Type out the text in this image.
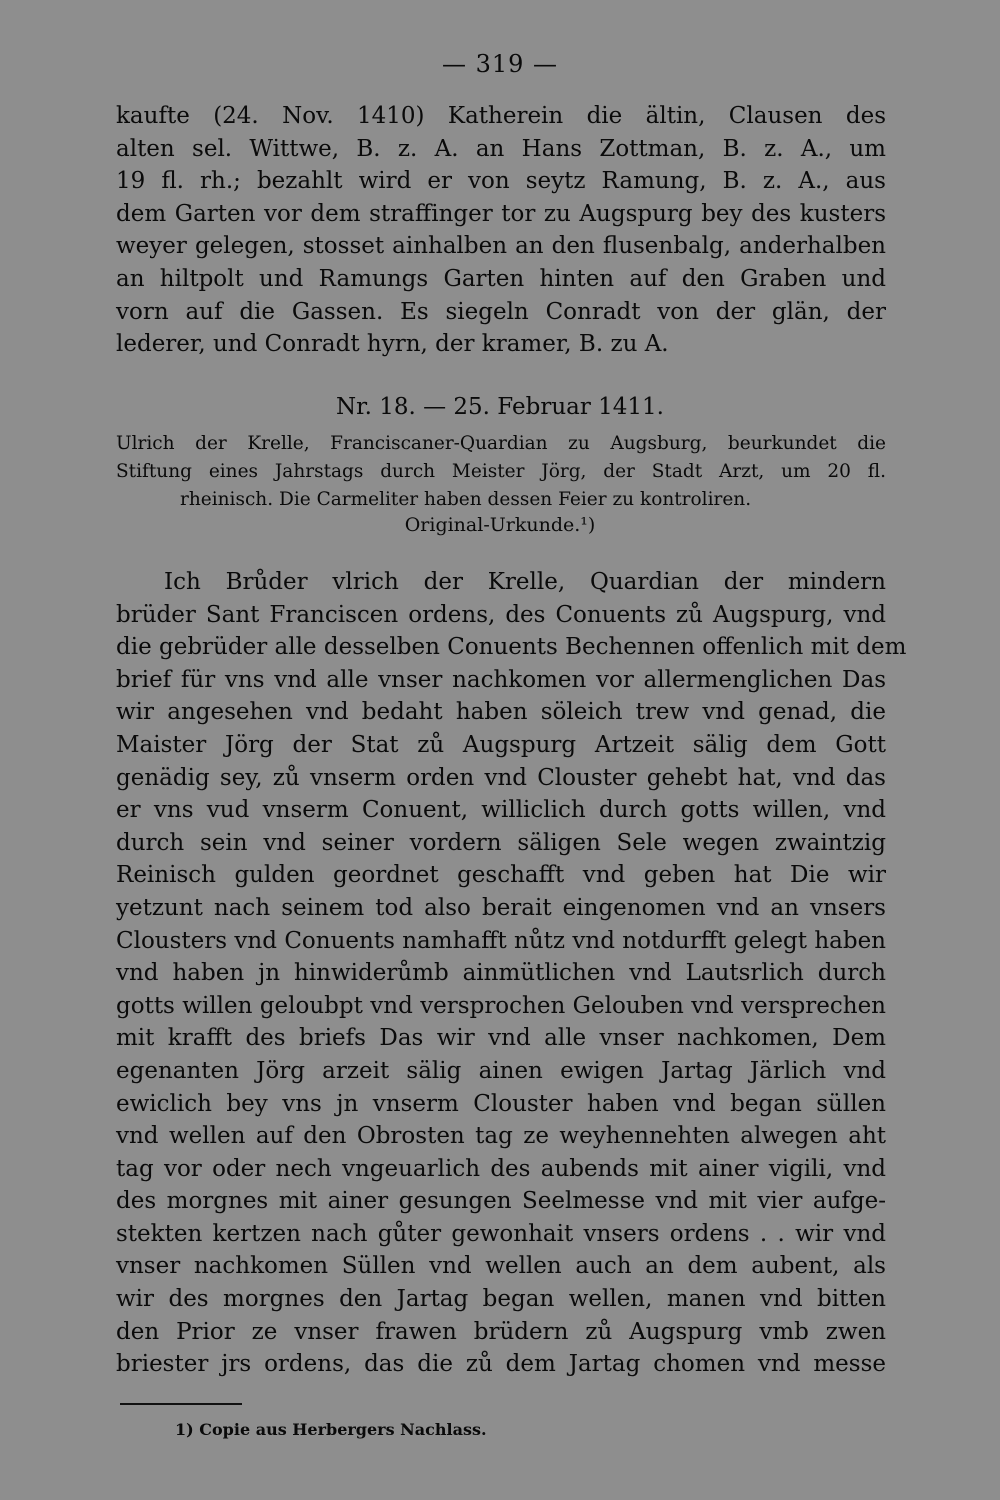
— 319 —
kaufte (24. Nov. 1410) Katherein die ältin, Clausen des
alten sel. Wittwe, B. z. A. an Hans Zottman, B. z. A., um
19 fl. rh.; bezahlt wird er von seytz Ramung, B. z. A., aus
dem Garten vor dem straffinger tor zu Augspurg bey des kusters
weyer gelegen, stosset ainhalben an den flusenbalg, anderhalben
an hiltpolt und Ramungs Garten hinten auf den Graben und
vorn auf die Gassen. Es siegeln Conradt von der glän, der
lederer, und Conradt hyrn, der kramer, B. zu A.
Nr. 18. — 25. Februar 1411.
Ulrich der Krelle, Franciscaner-Quardian zu Augsburg, beurkundet die
Stiftung eines Jahrstags durch Meister Jörg, der Stadt Arzt, um 20 fl.
rheinisch. Die Carmeliter haben dessen Feier zu kontroliren.
Original-Urkunde.¹)
Ich Brůder vlrich der Krelle, Quardian der mindern
brüder Sant Franciscen ordens, des Conuents zů Augspurg, vnd
die gebrüder alle desselben Conuents Bechennen offenlich mit dem
brief für vns vnd alle vnser nachkomen vor allermenglichen Das
wir angesehen vnd bedaht haben söleich trew vnd genad, die
Maister Jörg der Stat zů Augspurg Artzeit sälig dem Gott
genädig sey, zů vnserm orden vnd Clouster gehebt hat, vnd das
er vns vud vnserm Conuent, williclich durch gotts willen, vnd
durch sein vnd seiner vordern säligen Sele wegen zwaintzig
Reinisch gulden geordnet geschafft vnd geben hat Die wir
yetzunt nach seinem tod also berait eingenomen vnd an vnsers
Clousters vnd Conuents namhafft nůtz vnd notdurfft gelegt haben
vnd haben jn hinwiderůmb ainmütlichen vnd Lautsrlich durch
gotts willen geloubpt vnd versprochen Gelouben vnd versprechen
mit krafft des briefs Das wir vnd alle vnser nachkomen, Dem
egenanten Jörg arzeit sälig ainen ewigen Jartag Järlich vnd
ewiclich bey vns jn vnserm Clouster haben vnd began süllen
vnd wellen auf den Obrosten tag ze weyhennehten alwegen aht
tag vor oder nech vngeuarlich des aubends mit ainer vigili, vnd
des morgnes mit ainer gesungen Seelmesse vnd mit vier aufge-
stekten kertzen nach gůter gewonhait vnsers ordens . . wir vnd
vnser nachkomen Süllen vnd wellen auch an dem aubent, als
wir des morgnes den Jartag began wellen, manen vnd bitten
den Prior ze vnser frawen brüdern zů Augspurg vmb zwen
briester jrs ordens, das die zů dem Jartag chomen vnd messe
1) Copie aus Herbergers Nachlass.
